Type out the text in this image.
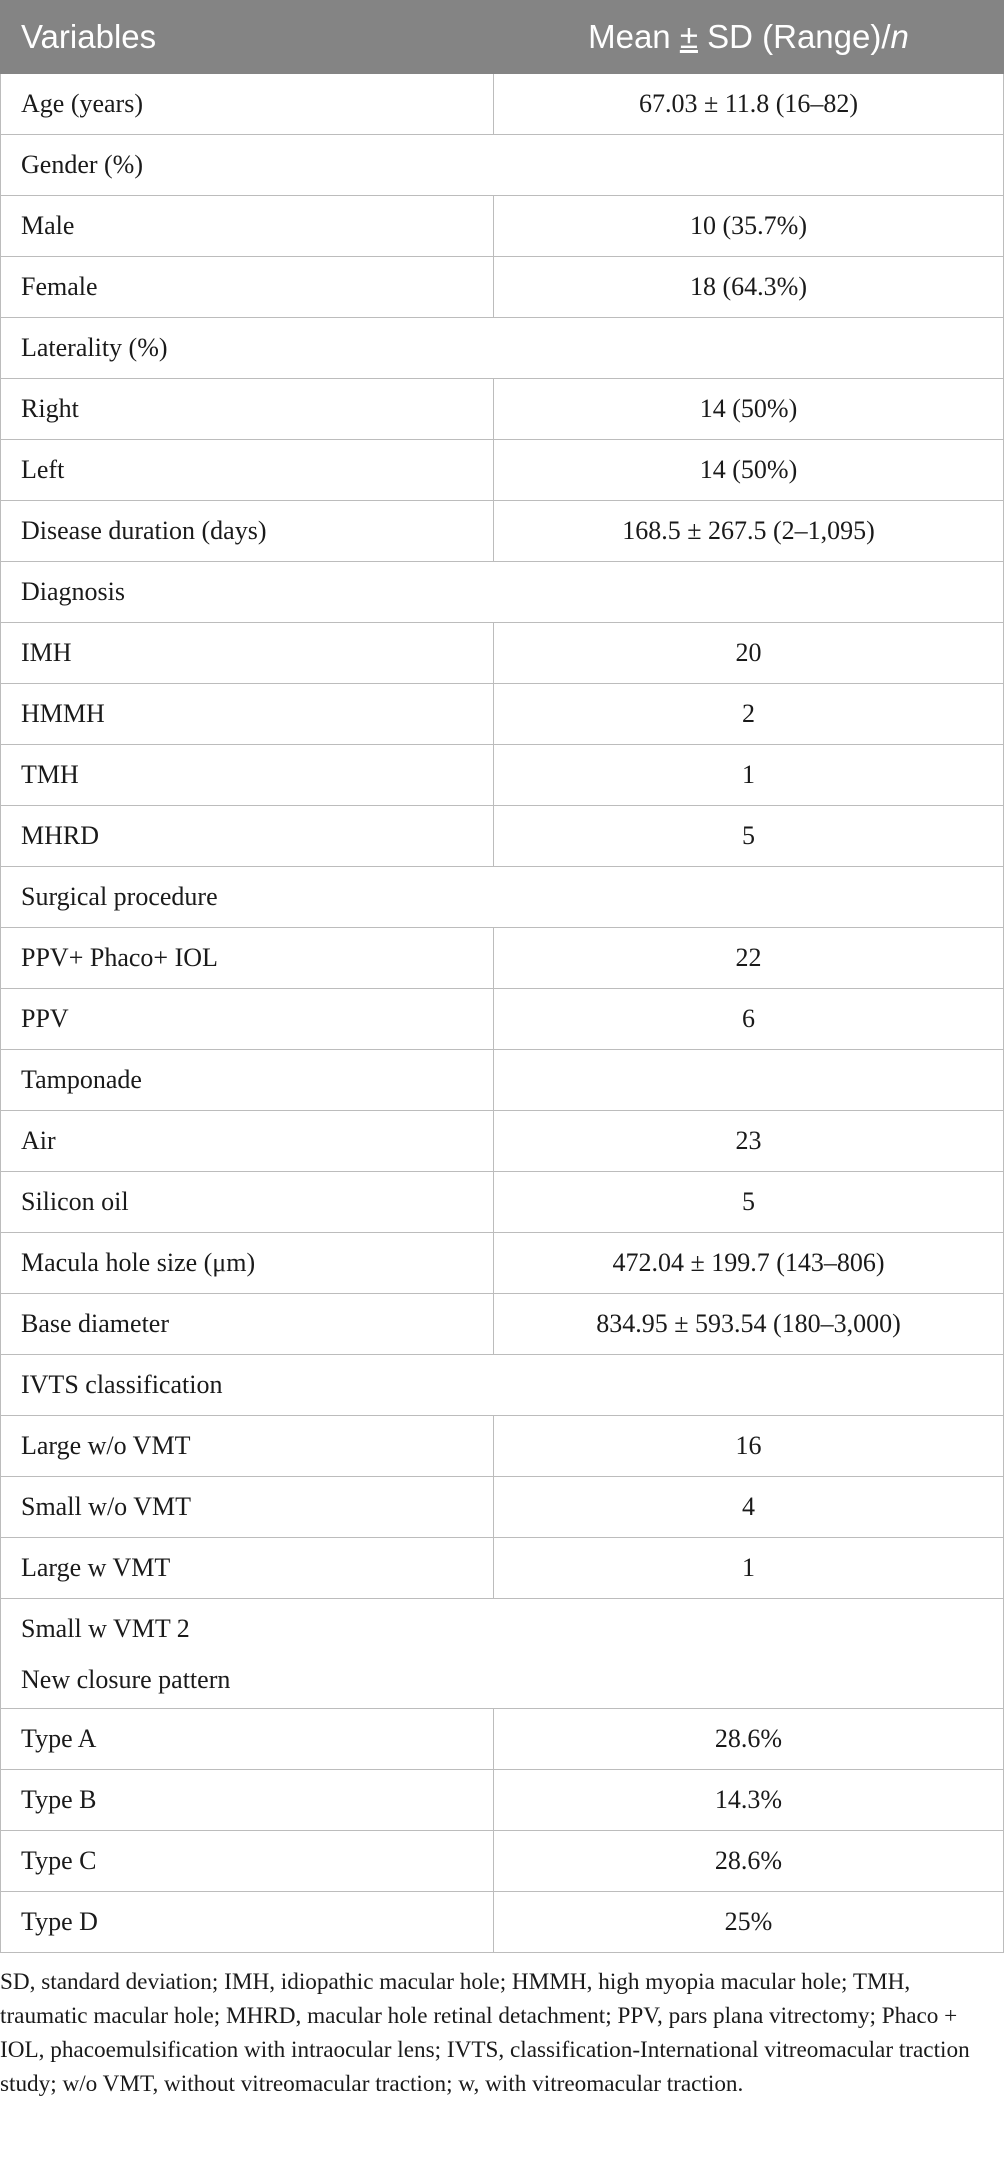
Variables	Mean ± SD (Range)/n
Age (years)	67.03 ± 11.8 (16–82)
Gender (%)	
Male	10 (35.7%)
Female	18 (64.3%)
Laterality (%)	
Right	14 (50%)
Left	14 (50%)
Disease duration (days)	168.5 ± 267.5 (2–1,095)
Diagnosis	
IMH	20
HMMH	2
TMH	1
MHRD	5
Surgical procedure	
PPV+ Phaco+ IOL	22
PPV	6
Tamponade	
Air	23
Silicon oil	5
Macula hole size (μm)	472.04 ± 199.7 (143–806)
Base diameter	834.95 ± 593.54 (180–3,000)
IVTS classification	
Large w/o VMT	16
Small w/o VMT	4
Large w VMT	1

Small w VMT 2
New closure pattern	

Type A	28.6%
Type B	14.3%
Type C	28.6%
Type D	25%
SD, standard deviation; IMH, idiopathic macular hole; HMMH, high myopia macular hole; TMH, traumatic macular hole; MHRD, macular hole retinal detachment; PPV, pars plana vitrectomy; Phaco + IOL, phacoemulsification with intraocular lens; IVTS, classification-International vitreomacular traction study; w/o VMT, without vitreomacular traction; w, with vitreomacular traction.
